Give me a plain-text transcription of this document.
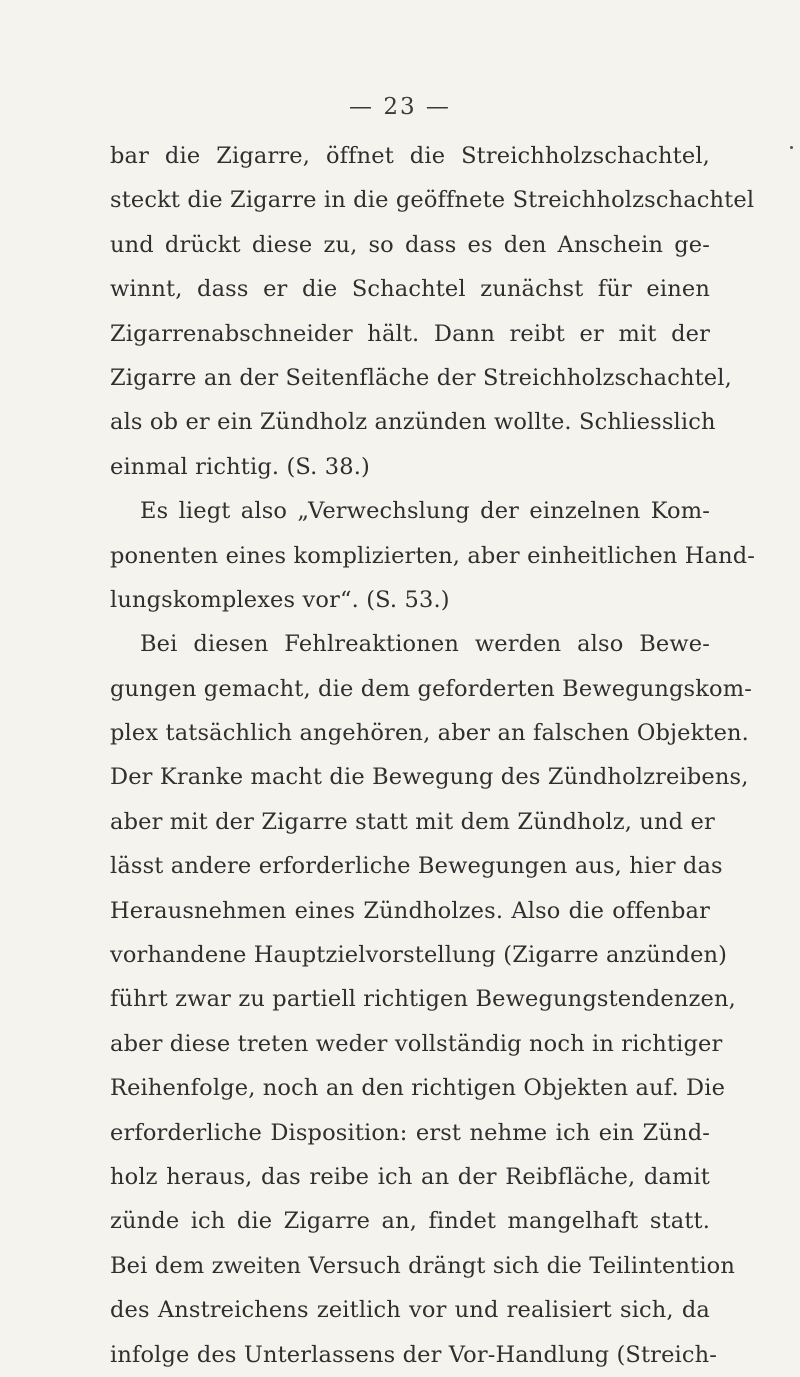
— 23 —
bar die Zigarre, öffnet die Streichholzschachtel,
steckt die Zigarre in die geöffnete Streichholzschachtel
und drückt diese zu, so dass es den Anschein ge-
winnt, dass er die Schachtel zunächst für einen
Zigarrenabschneider hält. Dann reibt er mit der
Zigarre an der Seitenfläche der Streichholzschachtel,
als ob er ein Zündholz anzünden wollte. Schliesslich
einmal richtig. (S. 38.)
Es liegt also „Verwechslung der einzelnen Kom-
ponenten eines komplizierten, aber einheitlichen Hand-
lungskomplexes vor“. (S. 53.)
Bei diesen Fehlreaktionen werden also Bewe-
gungen gemacht, die dem geforderten Bewegungskom-
plex tatsächlich angehören, aber an falschen Objekten.
Der Kranke macht die Bewegung des Zündholzreibens,
aber mit der Zigarre statt mit dem Zündholz, und er
lässt andere erforderliche Bewegungen aus, hier das
Herausnehmen eines Zündholzes. Also die offenbar
vorhandene Hauptzielvorstellung (Zigarre anzünden)
führt zwar zu partiell richtigen Bewegungstendenzen,
aber diese treten weder vollständig noch in richtiger
Reihenfolge, noch an den richtigen Objekten auf. Die
erforderliche Disposition: erst nehme ich ein Zünd-
holz heraus, das reibe ich an der Reibfläche, damit
zünde ich die Zigarre an, findet mangelhaft statt.
Bei dem zweiten Versuch drängt sich die Teilintention
des Anstreichens zeitlich vor und realisiert sich, da
infolge des Unterlassens der Vor-Handlung (Streich-
